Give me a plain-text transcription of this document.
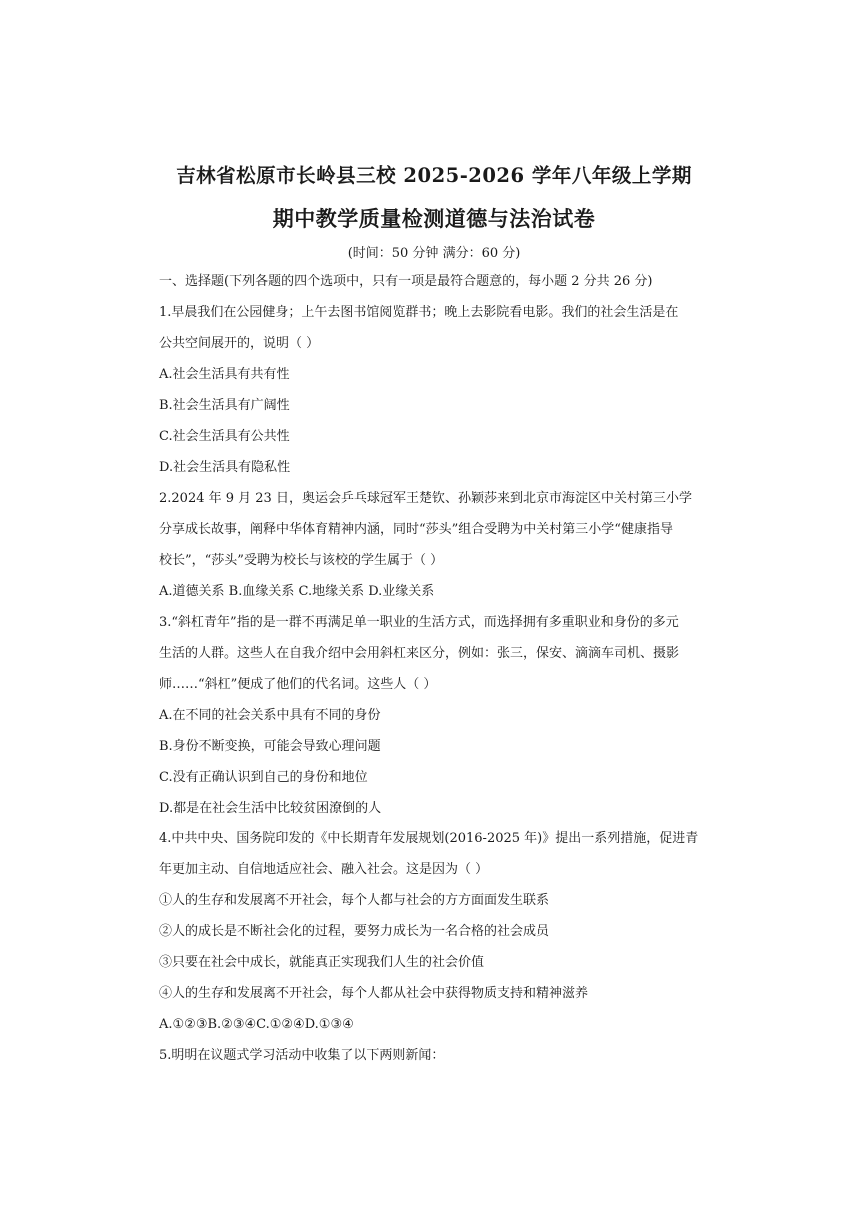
吉林省松原市长岭县三校 2025-2026 学年八年级上学期
期中教学质量检测道德与法治试卷
(时间：50 分钟 满分：60 分)
一、选择题(下列各题的四个选项中，只有一项是最符合题意的，每小题 2 分共 26 分)
1.早晨我们在公园健身；上午去图书馆阅览群书；晚上去影院看电影。我们的社会生活是在
公共空间展开的，说明（ ）
A.社会生活具有共有性
B.社会生活具有广阔性
C.社会生活具有公共性
D.社会生活具有隐私性
2.2024 年 9 月 23 日，奥运会乒乓球冠军王楚钦、孙颖莎来到北京市海淀区中关村第三小学
分享成长故事，阐释中华体育精神内涵，同时“莎头”组合受聘为中关村第三小学“健康指导
校长”，“莎头”受聘为校长与该校的学生属于（ ）
A.道德关系 B.血缘关系 C.地缘关系 D.业缘关系
3.“斜杠青年”指的是一群不再满足单一职业的生活方式，而选择拥有多重职业和身份的多元
生活的人群。这些人在自我介绍中会用斜杠来区分，例如：张三，保安、滴滴车司机、摄影
师……“斜杠”便成了他们的代名词。这些人（ ）
A.在不同的社会关系中具有不同的身份
B.身份不断变换，可能会导致心理问题
C.没有正确认识到自己的身份和地位
D.都是在社会生活中比较贫困潦倒的人
4.中共中央、国务院印发的《中长期青年发展规划(2016-2025 年)》提出一系列措施，促进青
年更加主动、自信地适应社会、融入社会。这是因为（ ）
①人的生存和发展离不开社会，每个人都与社会的方方面面发生联系
②人的成长是不断社会化的过程，要努力成长为一名合格的社会成员
③只要在社会中成长，就能真正实现我们人生的社会价值
④人的生存和发展离不开社会，每个人都从社会中获得物质支持和精神滋养
A.①②③B.②③④C.①②④D.①③④
5.明明在议题式学习活动中收集了以下两则新闻：
